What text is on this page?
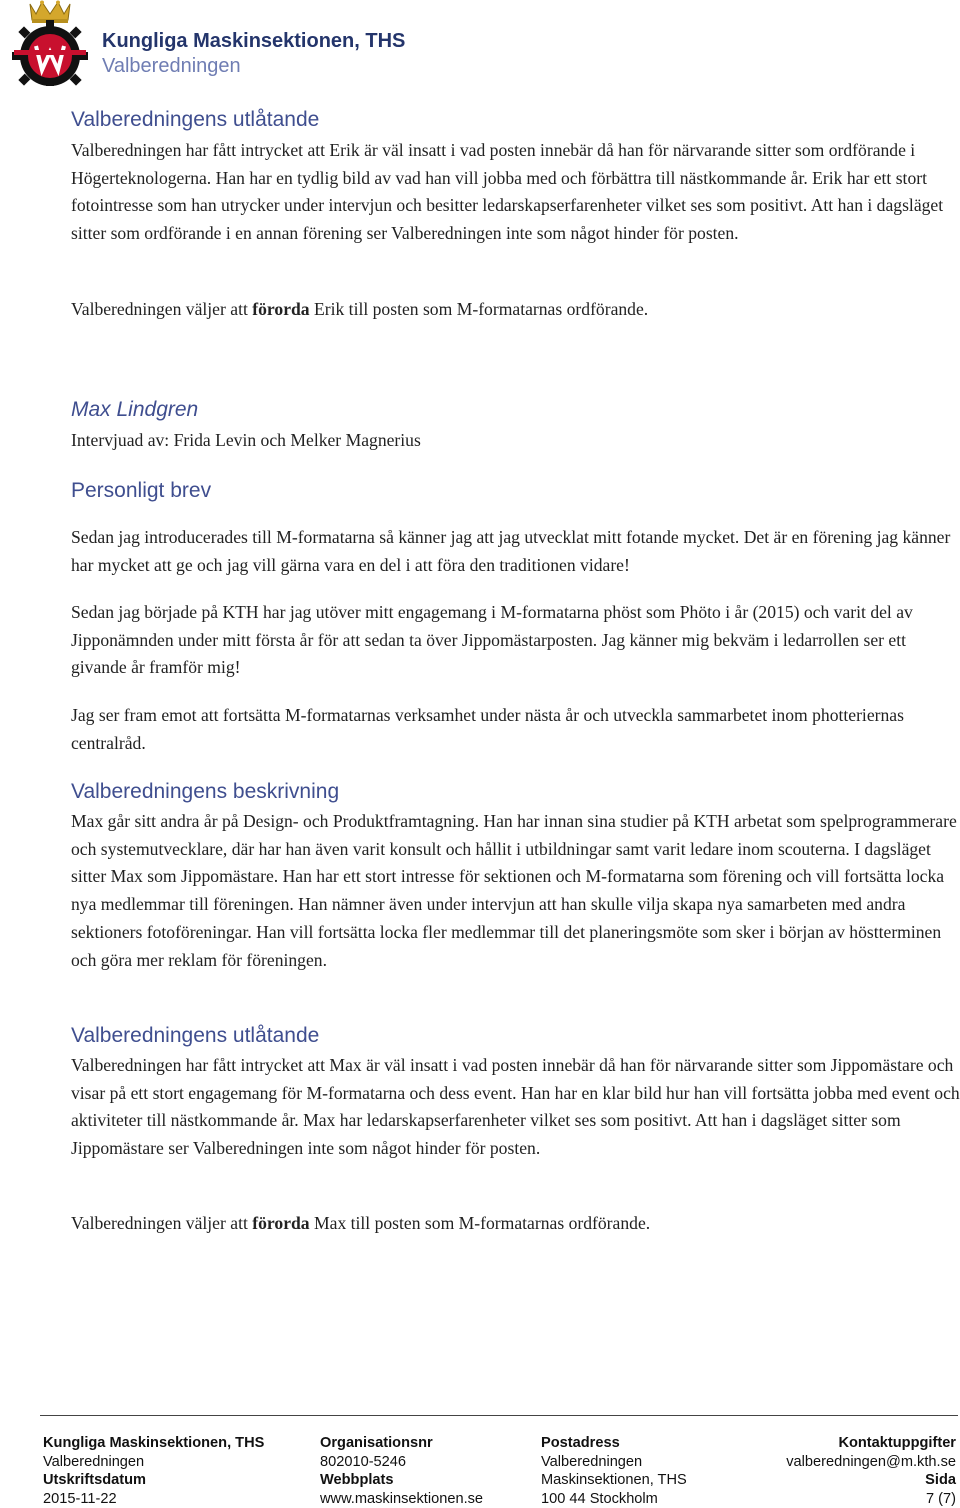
Kungliga Maskinsektionen, THS
Valberedningen
Valberedningens utlåtande
Valberedningen har fått intrycket att Erik är väl insatt i vad posten innebär då han för närvarande sitter som ordförande i Högerteknologerna. Han har en tydlig bild av vad han vill jobba med och förbättra till nästkommande år. Erik har ett stort fotointresse som han utrycker under intervjun och besitter ledarskapserfarenheter vilket ses som positivt. Att han i dagsläget sitter som ordförande i en annan förening ser Valberedningen inte som något hinder för posten.
Valberedningen väljer att förorda Erik till posten som M-formatarnas ordförande.
Max Lindgren
Intervjuad av: Frida Levin och Melker Magnerius
Personligt brev
Sedan jag introducerades till M-formatarna så känner jag att jag utvecklat mitt fotande mycket. Det är en förening jag känner har mycket att ge och jag vill gärna vara en del i att föra den traditionen vidare!
Sedan jag började på KTH har jag utöver mitt engagemang i M-formatarna phöst som Phöto i år (2015) och varit del av Jipponämnden under mitt första år för att sedan ta över Jippomästarposten. Jag känner mig bekväm i ledarrollen ser ett givande år framför mig!
Jag ser fram emot att fortsätta M-formatarnas verksamhet under nästa år och utveckla sammarbetet inom photteriernas centralråd.
Valberedningens beskrivning
Max går sitt andra år på Design- och Produktframtagning. Han har innan sina studier på KTH arbetat som spelprogrammerare och systemutvecklare, där har han även varit konsult och hållit i utbildningar samt varit ledare inom scouterna. I dagsläget sitter Max som Jippomästare. Han har ett stort intresse för sektionen och M-formatarna som förening och vill fortsätta locka nya medlemmar till föreningen. Han nämner även under intervjun att han skulle vilja skapa nya samarbeten med andra sektioners fotoföreningar. Han vill fortsätta locka fler medlemmar till det planeringsmöte som sker i början av höstterminen och göra mer reklam för föreningen.
Valberedningens utlåtande
Valberedningen har fått intrycket att Max är väl insatt i vad posten innebär då han för närvarande sitter som Jippomästare och visar på ett stort engagemang för M-formatarna och dess event. Han har en klar bild hur han vill fortsätta jobba med event och aktiviteter till nästkommande år. Max har ledarskapserfarenheter vilket ses som positivt. Att han i dagsläget sitter som Jippomästare ser Valberedningen inte som något hinder för posten.
Valberedningen väljer att förorda Max till posten som M-formatarnas ordförande.
Kungliga Maskinsektionen, THS
Valberedningen
Utskriftsdatum
2015-11-22
Organisationsnr
802010-5246
Webbplats
www.maskinsektionen.se
Postadress
Valberedningen
Maskinsektionen, THS
100 44 Stockholm
Kontaktuppgifter
valberedningen@m.kth.se
Sida
7 (7)
